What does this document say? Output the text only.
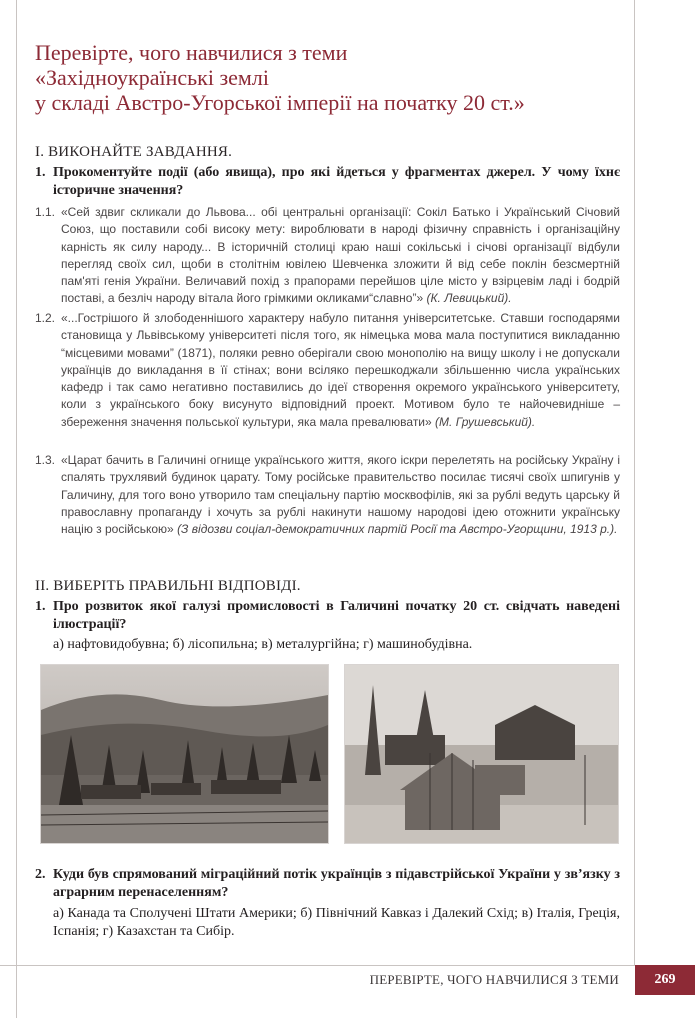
Перевірте, чого навчилися з теми
«Західноукраїнські землі
у складі Австро-Угорської імперії на початку 20 ст.»
I. ВИКОНАЙТЕ ЗАВДАННЯ.
1. Прокоментуйте події (або явища), про які йдеться у фрагментах джерел. У чому їхнє історичне значення?
1.1. «Сей здвиг скликали до Львова... обі центральні організації: Сокіл Батько і Український Січовий Союз, що поставили собі високу мету: вироблювати в народі фізичну справність і організаційну карність як силу народу... В історичній столиці краю наші сокільські і січові організації відбули перегляд своїх сил, щоби в столітнім ювілею Шевченка зложити й від себе поклін безсмертній пам'яті генія України. Величавий похід з прапорами перейшов ціле місто у взірцевім ладі і бодрій поставі, а безліч народу вітала його грімкими окликами“славно”» (К. Левицький).
1.2. «...Гострішого й злободеннішого характеру набуло питання університетське. Ставши господарями становища у Львівському університеті після того, як німецька мова мала поступитися викладанню “місцевими мовами” (1871), поляки ревно оберігали свою монополію на вищу школу і не допускали українців до викладання в її стінах; вони всіляко перешкоджали збільшенню числа українських кафедр і так само негативно поставились до ідеї створення окремого українського університету, коли з українського боку висунуто відповідний проект. Мотивом було те найочевидніше – збереження значення польської культури, яка мала превалювати» (М. Грушевський).
1.3. «Царат бачить в Галичині огнище українського життя, якого іскри перелетять на російську Україну і спалять трухлявий будинок царату. Тому російське правительство посилає тисячі своїх шпигунів у Галичину, для того воно утворило там спеціальну партію москвофілів, які за рублі ведуть царську й православну пропаганду і хочуть за рублі накинути нашому народові ідею отожнити українську націю з російською» (З відозви соціал-демократичних партій Росії та Австро-Угорщини, 1913 р.).
II. ВИБЕРІТЬ ПРАВИЛЬНІ ВІДПОВІДІ.
1. Про розвиток якої галузі промисловості в Галичині початку 20 ст. свідчать наведені ілюстрації?
а) нафтовидобувна; б) лісопильна; в) металургійна; г) машинобудівна.
2. Куди був спрямований міграційний потік українців з підавстрійської України у зв’язку з аграрним перенаселенням?
а) Канада та Сполучені Штати Америки; б) Північний Кавказ і Далекий Схід; в) Італія, Греція, Іспанія; г) Казахстан та Сибір.
ПЕРЕВІРТЕ, ЧОГО НАВЧИЛИСЯ З ТЕМИ	269
